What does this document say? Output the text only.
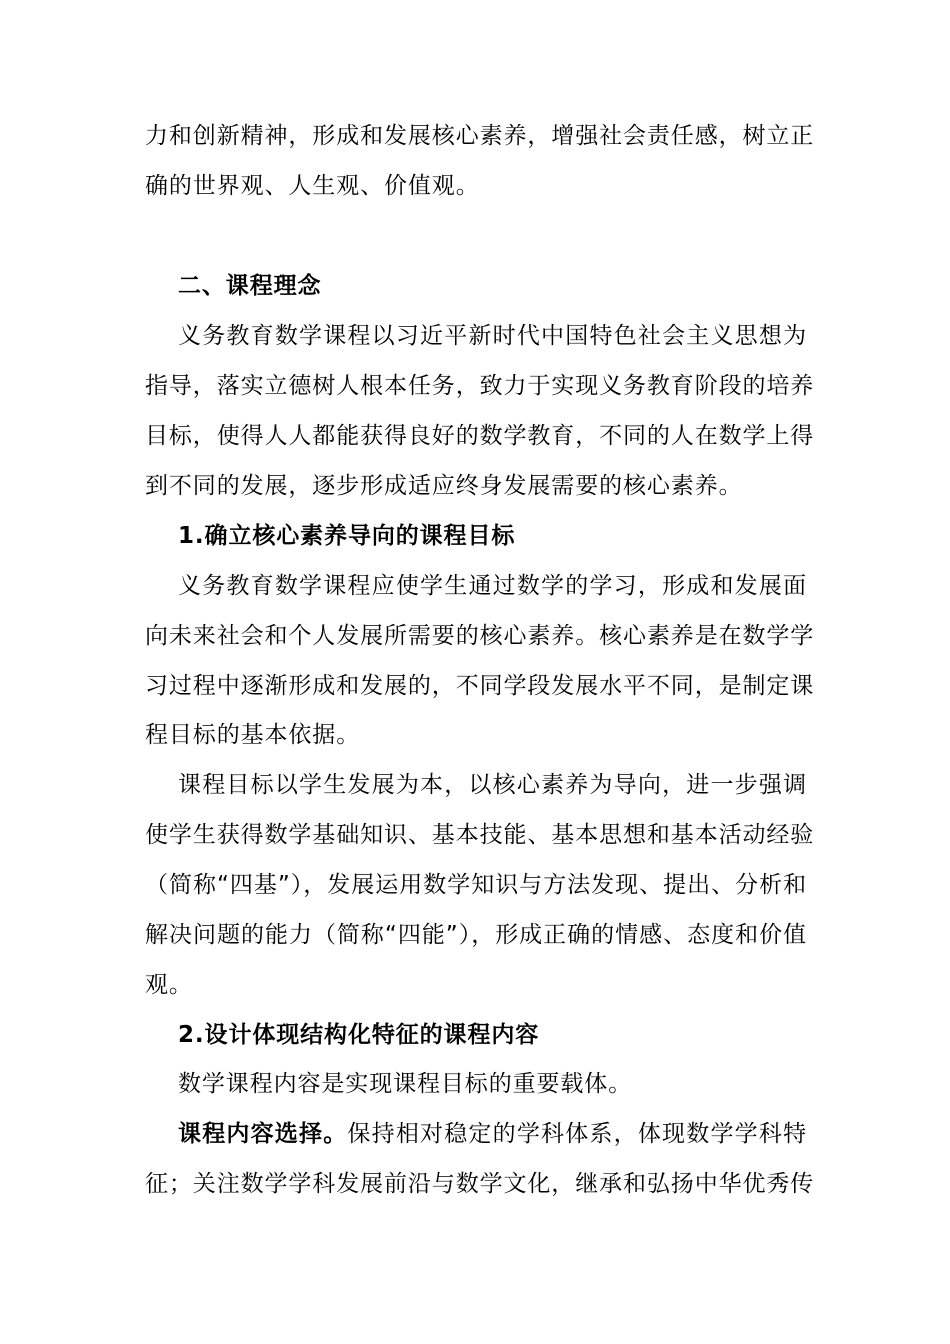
力和创新精神，形成和发展核心素养，增强社会责任感，树立正
确的世界观、人生观、价值观。
二、课程理念
义务教育数学课程以习近平新时代中国特色社会主义思想为
指导，落实立德树人根本任务，致力于实现义务教育阶段的培养
目标，使得人人都能获得良好的数学教育，不同的人在数学上得
到不同的发展，逐步形成适应终身发展需要的核心素养。
1.确立核心素养导向的课程目标
义务教育数学课程应使学生通过数学的学习，形成和发展面
向未来社会和个人发展所需要的核心素养。核心素养是在数学学
习过程中逐渐形成和发展的，不同学段发展水平不同，是制定课
程目标的基本依据。
课程目标以学生发展为本，以核心素养为导向，进一步强调
使学生获得数学基础知识、基本技能、基本思想和基本活动经验
（简称“四基”），发展运用数学知识与方法发现、提出、分析和
解决问题的能力（简称“四能”），形成正确的情感、态度和价值
观。
2.设计体现结构化特征的课程内容
数学课程内容是实现课程目标的重要载体。
课程内容选择。保持相对稳定的学科体系，体现数学学科特
征；关注数学学科发展前沿与数学文化，继承和弘扬中华优秀传
